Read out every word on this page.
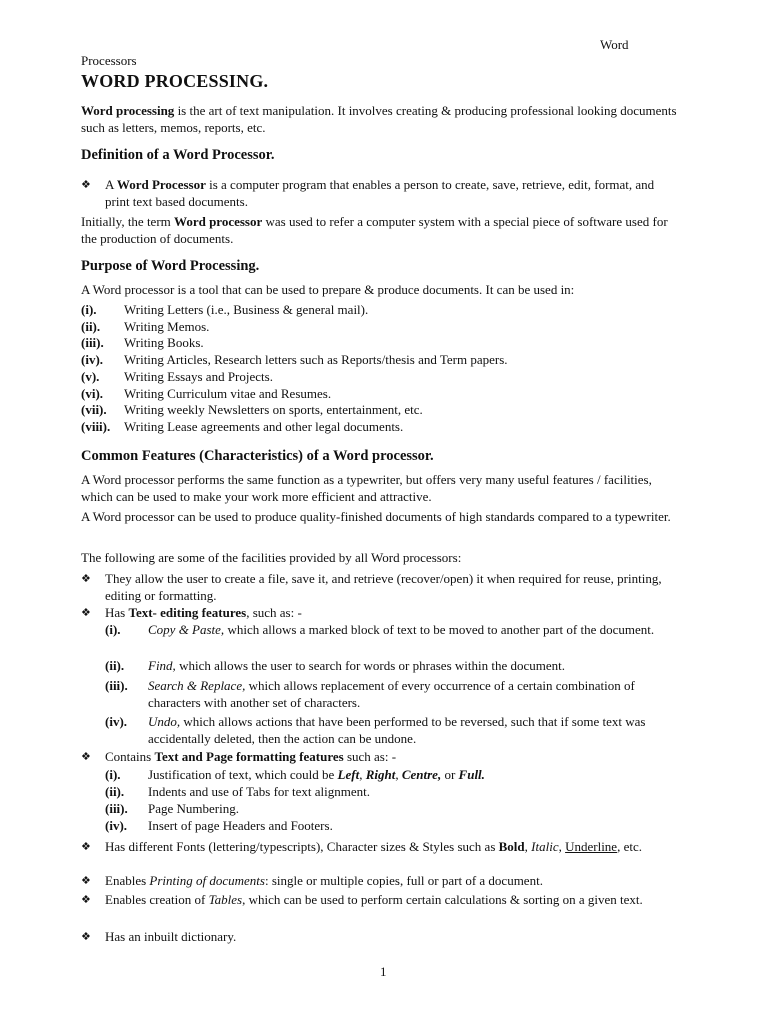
Word
Processors
WORD PROCESSING.

Word processing is the art of text manipulation. It involves creating & producing professional looking documents such as letters, memos, reports, etc.

Definition of a Word Processor.
❖	A Word Processor is a computer program that enables a person to create, save, retrieve, edit, format, and print text based documents.

Initially, the term Word processor was used to refer a computer system with a special piece of software used for the production of documents.

Purpose of Word Processing.

A Word processor is a tool that can be used to prepare & produce documents. It can be used in:

(i). Writing Letters (i.e., Business & general mail).
(ii). Writing Memos.
(iii). Writing Books.
(iv). Writing Articles, Research letters such as Reports/thesis and Term papers.
(v). Writing Essays and Projects.
(vi). Writing Curriculum vitae and Resumes.
(vii). Writing weekly Newsletters on sports, entertainment, etc.
(viii). Writing Lease agreements and other legal documents.
Common Features (Characteristics) of a Word processor.

A Word processor performs the same function as a typewriter, but offers very many useful features / facilities, which can be used to make your work more efficient and attractive.

A Word processor can be used to produce quality-finished documents of high standards compared to a typewriter.

The following are some of the facilities provided by all Word processors:

❖	They allow the user to create a file, save it, and retrieve (recover/open) it when required for reuse, printing, editing or formatting.
❖	Has Text- editing features, such as: -
(i). Copy & Paste, which allows a marked block of text to be moved to another part of the document.
(ii). Find, which allows the user to search for words or phrases within the document.
(iii). Search & Replace, which allows replacement of every occurrence of a certain combination of characters with another set of characters.
(iv). Undo, which allows actions that have been performed to be reversed, such that if some text was accidentally deleted, then the action can be undone.
❖	Contains Text and Page formatting features such as: -
(i). Justification of text, which could be Left, Right, Centre, or Full.
(ii). Indents and use of Tabs for text alignment.
(iii). Page Numbering.
(iv). Insert of page Headers and Footers.
❖	Has different Fonts (lettering/typescripts), Character sizes & Styles such as Bold, Italic, Underline, etc.
❖	Enables Printing of documents: single or multiple copies, full or part of a document.
❖	Enables creation of Tables, which can be used to perform certain calculations & sorting on a given text.
❖	Has an inbuilt dictionary.
1
